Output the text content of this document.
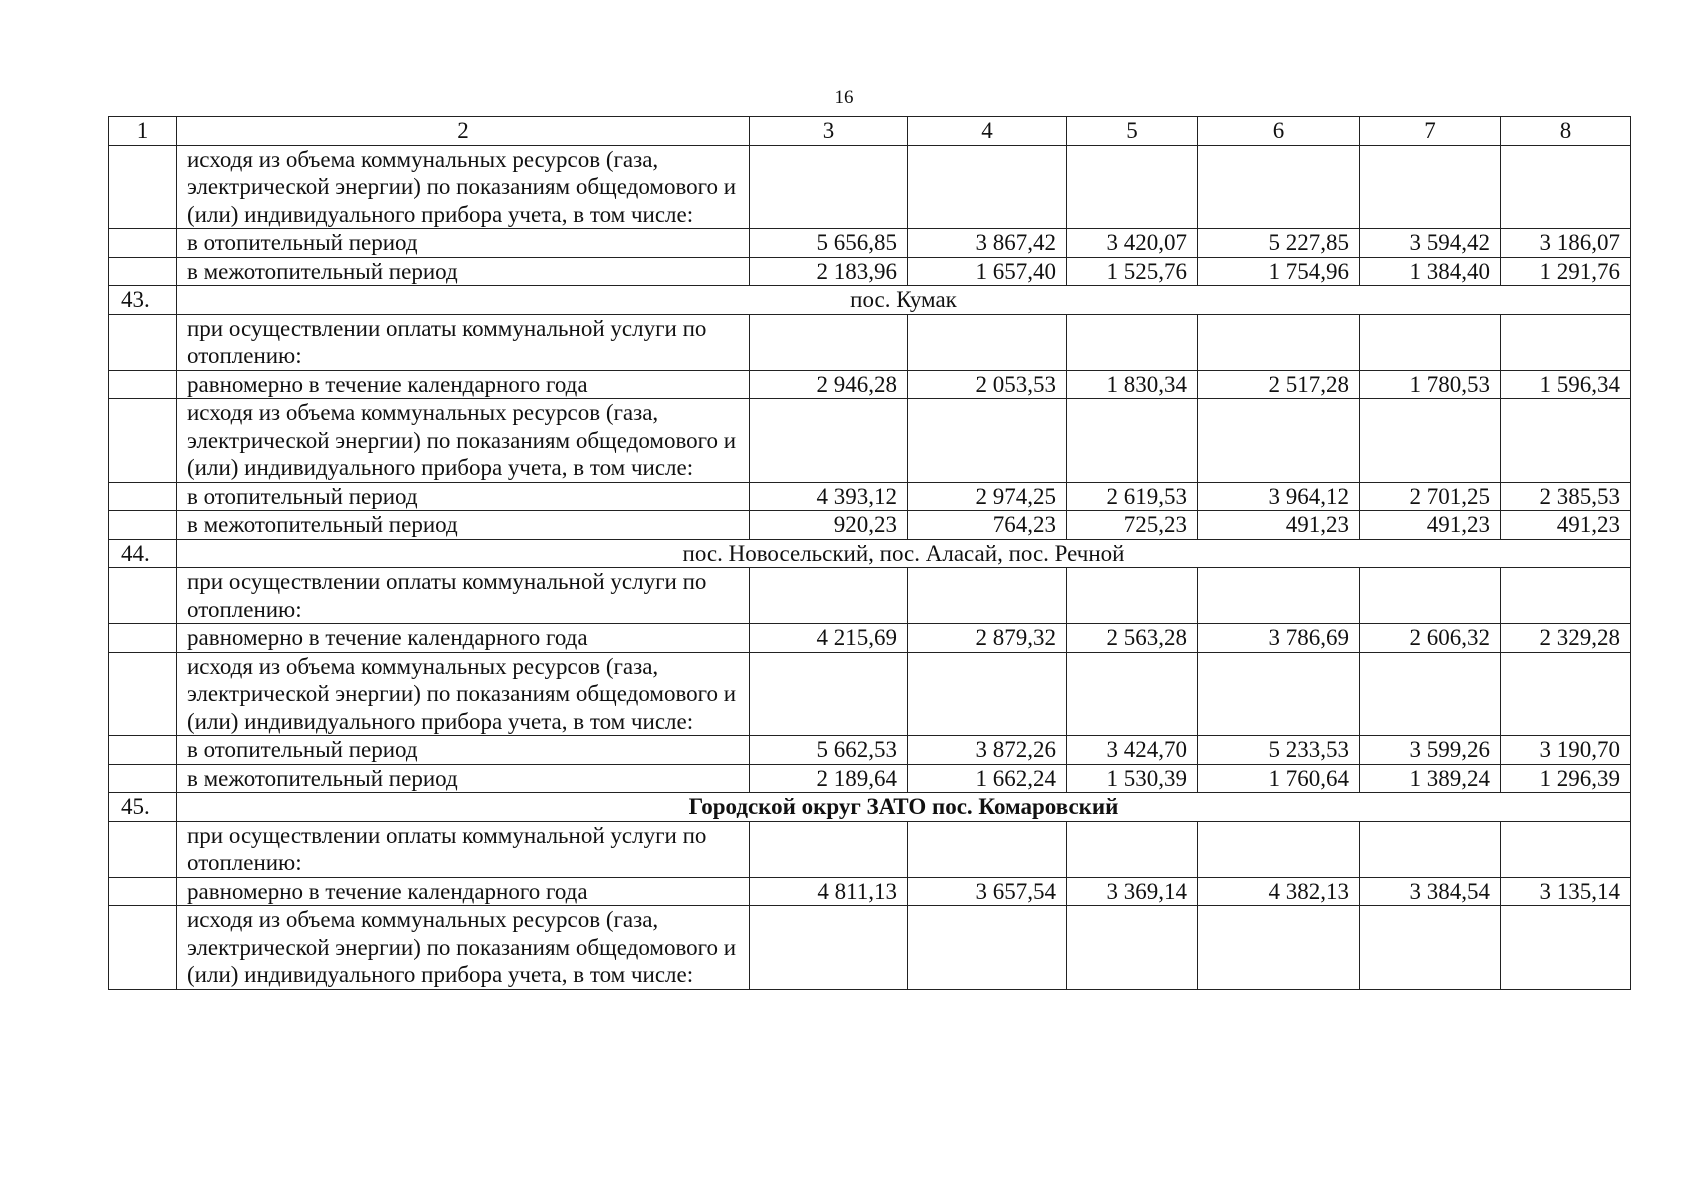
16
1	2	3	4	5	6	7	8
	исходя из объема коммунальных ресурсов (газа, электрической энергии) по показаниям общедомового и (или) индивидуального прибора учета, в том числе:						
	в отопительный период	5 656,85	3 867,42	3 420,07	5 227,85	3 594,42	3 186,07
	в межотопительный период	2 183,96	1 657,40	1 525,76	1 754,96	1 384,40	1 291,76
43.	пос. Кумак						
	при осуществлении оплаты коммунальной услуги по отоплению:						
	равномерно в течение календарного года	2 946,28	2 053,53	1 830,34	2 517,28	1 780,53	1 596,34
	исходя из объема коммунальных ресурсов (газа, электрической энергии) по показаниям общедомового и (или) индивидуального прибора учета, в том числе:						
	в отопительный период	4 393,12	2 974,25	2 619,53	3 964,12	2 701,25	2 385,53
	в межотопительный период	920,23	764,23	725,23	491,23	491,23	491,23
44.	пос. Новосельский, пос. Аласай, пос. Речной						
	при осуществлении оплаты коммунальной услуги по отоплению:						
	равномерно в течение календарного года	4 215,69	2 879,32	2 563,28	3 786,69	2 606,32	2 329,28
	исходя из объема коммунальных ресурсов (газа, электрической энергии) по показаниям общедомового и (или) индивидуального прибора учета, в том числе:						
	в отопительный период	5 662,53	3 872,26	3 424,70	5 233,53	3 599,26	3 190,70
	в межотопительный период	2 189,64	1 662,24	1 530,39	1 760,64	1 389,24	1 296,39
45.	Городской округ ЗАТО пос. Комаровский						
	при осуществлении оплаты коммунальной услуги по отоплению:						
	равномерно в течение календарного года	4 811,13	3 657,54	3 369,14	4 382,13	3 384,54	3 135,14
	исходя из объема коммунальных ресурсов (газа, электрической энергии) по показаниям общедомового и (или) индивидуального прибора учета, в том числе:						
